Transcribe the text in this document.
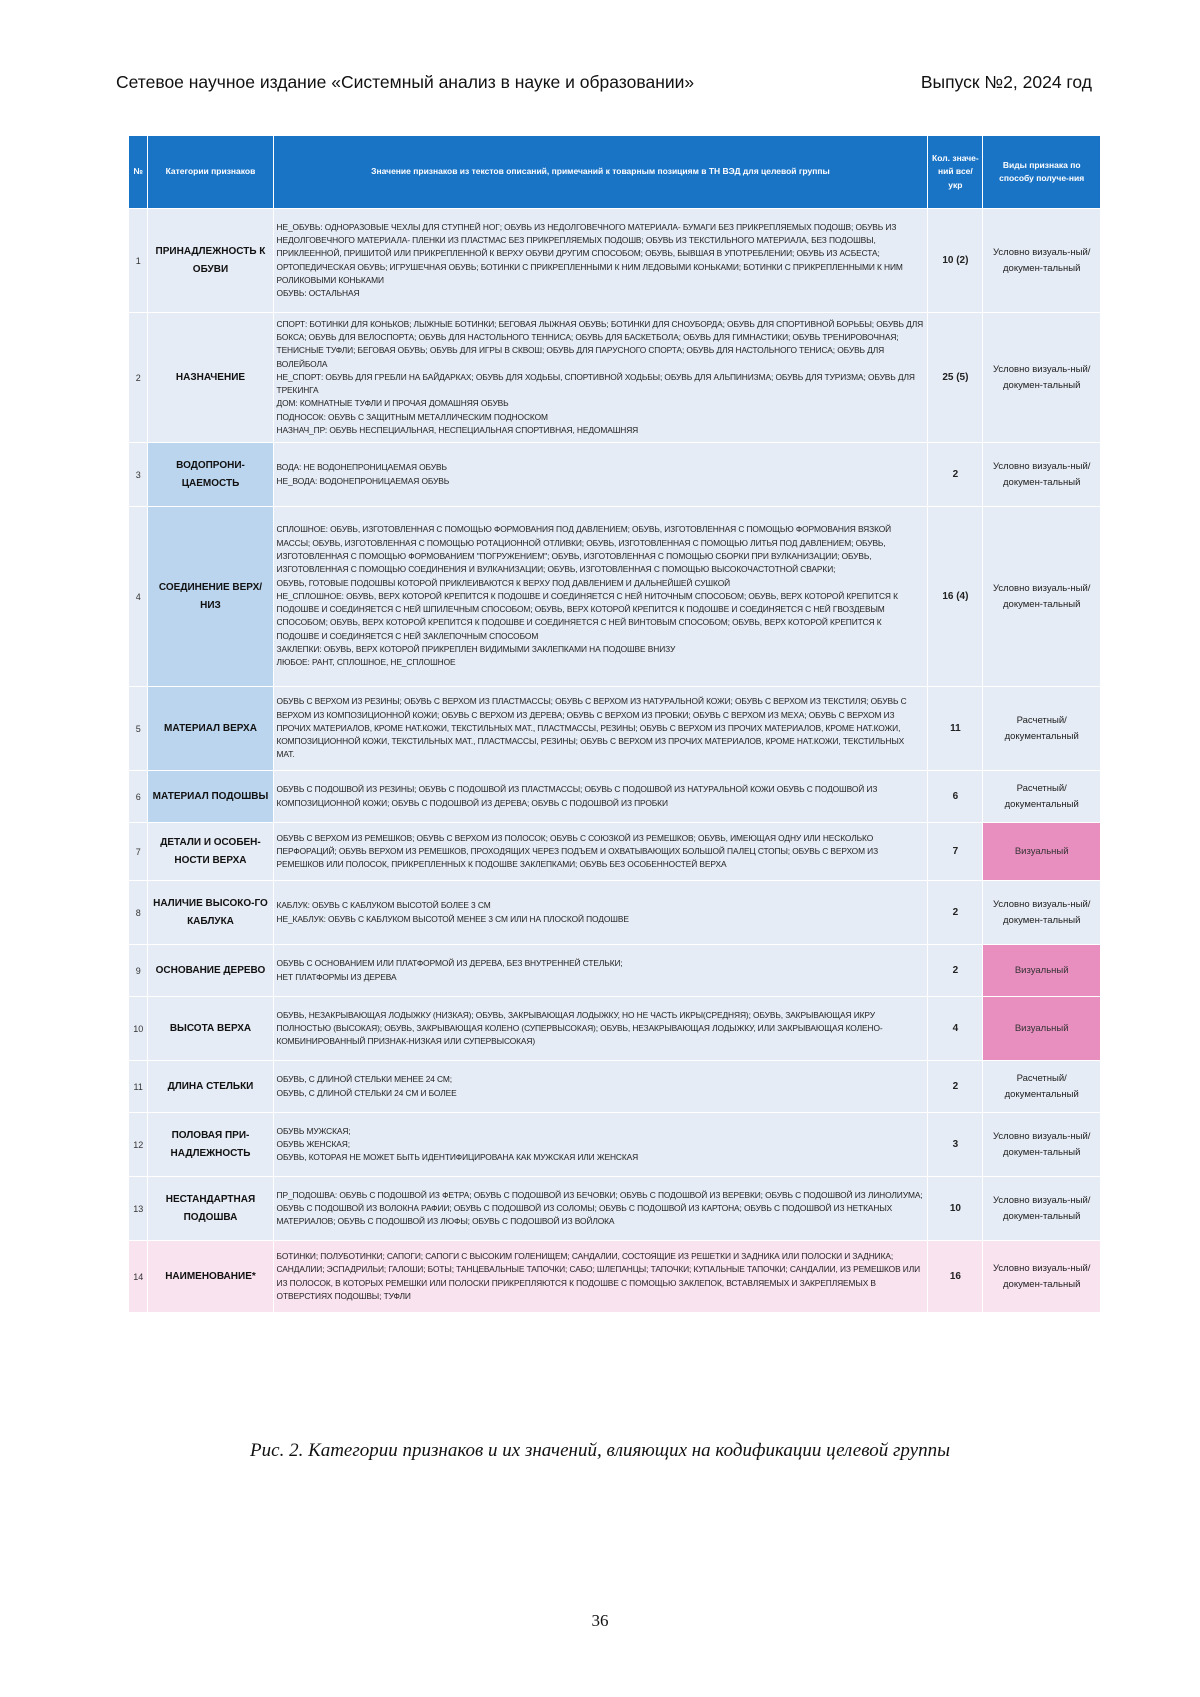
Сетевое научное издание «Системный анализ в науке и образовании»	Выпуск №2, 2024 год
№	Категории признаков	Значение признаков из текстов описаний, примечаний к товарным позициям в ТН ВЭД для целевой группы	Кол. значе-ний все/укр	Виды признака по способу получе-ния
1	ПРИНАДЛЕЖНОСТЬ К ОБУВИ	
НЕ_ОБУВЬ: ОДНОРАЗОВЫЕ ЧЕХЛЫ ДЛЯ СТУПНЕЙ НОГ; ОБУВЬ ИЗ НЕДОЛГОВЕЧНОГО МАТЕРИАЛА- БУМАГИ БЕЗ ПРИКРЕПЛЯЕМЫХ ПОДОШВ; ОБУВЬ ИЗ НЕДОЛГОВЕЧНОГО МАТЕРИАЛА- ПЛЕНКИ ИЗ ПЛАСТМАС БЕЗ ПРИКРЕПЛЯЕМЫХ ПОДОШВ; ОБУВЬ ИЗ ТЕКСТИЛЬНОГО МАТЕРИАЛА, БЕЗ ПОДОШВЫ, ПРИКЛЕЕННОЙ, ПРИШИТОЙ ИЛИ ПРИКРЕПЛЕННОЙ К ВЕРХУ ОБУВИ ДРУГИМ СПОСОБОМ; ОБУВЬ, БЫВШАЯ В УПОТРЕБЛЕНИИ; ОБУВЬ ИЗ АСБЕСТА; ОРТОПЕДИЧЕСКАЯ ОБУВЬ; ИГРУШЕЧНАЯ ОБУВЬ; БОТИНКИ С ПРИКРЕПЛЕННЫМИ К НИМ ЛЕДОВЫМИ КОНЬКАМИ; БОТИНКИ С ПРИКРЕПЛЕННЫМИ К НИМ РОЛИКОВЫМИ КОНЬКАМИ
ОБУВЬ: ОСТАЛЬНАЯ
	10 (2)	Условно визуаль-ный/ докумен-тальный
2	НАЗНАЧЕНИЕ	
СПОРТ: БОТИНКИ ДЛЯ КОНЬКОВ; ЛЫЖНЫЕ БОТИНКИ; БЕГОВАЯ ЛЫЖНАЯ ОБУВЬ; БОТИНКИ ДЛЯ СНОУБОРДА; ОБУВЬ ДЛЯ СПОРТИВНОЙ БОРЬБЫ; ОБУВЬ ДЛЯ БОКСА; ОБУВЬ ДЛЯ ВЕЛОСПОРТА; ОБУВЬ ДЛЯ НАСТОЛЬНОГО ТЕННИСА; ОБУВЬ ДЛЯ БАСКЕТБОЛА; ОБУВЬ ДЛЯ ГИМНАСТИКИ; ОБУВЬ ТРЕНИРОВОЧНАЯ; ТЕНИСНЫЕ ТУФЛИ; БЕГОВАЯ ОБУВЬ; ОБУВЬ ДЛЯ ИГРЫ В СКВОШ; ОБУВЬ ДЛЯ ПАРУСНОГО СПОРТА; ОБУВЬ ДЛЯ НАСТОЛЬНОГО ТЕНИСА; ОБУВЬ ДЛЯ ВОЛЕЙБОЛА
НЕ_СПОРТ: ОБУВЬ ДЛЯ ГРЕБЛИ НА БАЙДАРКАХ; ОБУВЬ ДЛЯ ХОДЬБЫ, СПОРТИВНОЙ ХОДЬБЫ; ОБУВЬ ДЛЯ АЛЬПИНИЗМА; ОБУВЬ ДЛЯ ТУРИЗМА; ОБУВЬ ДЛЯ ТРЕКИНГА
ДОМ: КОМНАТНЫЕ ТУФЛИ И ПРОЧАЯ ДОМАШНЯЯ ОБУВЬ
ПОДНОСОК: ОБУВЬ С ЗАЩИТНЫМ МЕТАЛЛИЧЕСКИМ ПОДНОСКОМ
НАЗНАЧ_ПР: ОБУВЬ НЕСПЕЦИАЛЬНАЯ, НЕСПЕЦИАЛЬНАЯ СПОРТИВНАЯ, НЕДОМАШНЯЯ
	25 (5)	Условно визуаль-ный/ докумен-тальный
3	ВОДОПРОНИ-ЦАЕМОСТЬ	
ВОДА: НЕ ВОДОНЕПРОНИЦАЕМАЯ ОБУВЬ
НЕ_ВОДА: ВОДОНЕПРОНИЦАЕМАЯ ОБУВЬ
	2	Условно визуаль-ный/ докумен-тальный
4	СОЕДИНЕНИЕ ВЕРХ/НИЗ	
СПЛОШНОЕ: ОБУВЬ, ИЗГОТОВЛЕННАЯ С ПОМОЩЬЮ ФОРМОВАНИЯ ПОД ДАВЛЕНИЕМ; ОБУВЬ, ИЗГОТОВЛЕННАЯ С ПОМОЩЬЮ ФОРМОВАНИЯ ВЯЗКОЙ МАССЫ; ОБУВЬ, ИЗГОТОВЛЕННАЯ С ПОМОЩЬЮ РОТАЦИОННОЙ ОТЛИВКИ; ОБУВЬ, ИЗГОТОВЛЕННАЯ С ПОМОЩЬЮ ЛИТЬЯ ПОД ДАВЛЕНИЕМ; ОБУВЬ, ИЗГОТОВЛЕННАЯ С ПОМОЩЬЮ ФОРМОВАНИЕМ "ПОГРУЖЕНИЕМ"; ОБУВЬ, ИЗГОТОВЛЕННАЯ С ПОМОЩЬЮ СБОРКИ ПРИ ВУЛКАНИЗАЦИИ; ОБУВЬ, ИЗГОТОВЛЕННАЯ С ПОМОЩЬЮ СОЕДИНЕНИЯ И ВУЛКАНИЗАЦИИ; ОБУВЬ, ИЗГОТОВЛЕННАЯ С ПОМОЩЬЮ ВЫСОКОЧАСТОТНОЙ СВАРКИ;
ОБУВЬ, ГОТОВЫЕ ПОДОШВЫ КОТОРОЙ ПРИКЛЕИВАЮТСЯ К ВЕРХУ ПОД ДАВЛЕНИЕМ И ДАЛЬНЕЙШЕЙ СУШКОЙ
НЕ_СПЛОШНОЕ: ОБУВЬ, ВЕРХ КОТОРОЙ КРЕПИТСЯ К ПОДОШВЕ И СОЕДИНЯЕТСЯ С НЕЙ НИТОЧНЫМ СПОСОБОМ; ОБУВЬ, ВЕРХ КОТОРОЙ КРЕПИТСЯ К ПОДОШВЕ И СОЕДИНЯЕТСЯ С НЕЙ ШПИЛЕЧНЫМ СПОСОБОМ; ОБУВЬ, ВЕРХ КОТОРОЙ КРЕПИТСЯ К ПОДОШВЕ И СОЕДИНЯЕТСЯ С НЕЙ ГВОЗДЕВЫМ СПОСОБОМ; ОБУВЬ, ВЕРХ КОТОРОЙ КРЕПИТСЯ К ПОДОШВЕ И СОЕДИНЯЕТСЯ С НЕЙ ВИНТОВЫМ СПОСОБОМ; ОБУВЬ, ВЕРХ КОТОРОЙ КРЕПИТСЯ К ПОДОШВЕ И СОЕДИНЯЕТСЯ С НЕЙ ЗАКЛЕПОЧНЫМ СПОСОБОМ
ЗАКЛЕПКИ: ОБУВЬ, ВЕРХ КОТОРОЙ ПРИКРЕПЛЕН ВИДИМЫМИ ЗАКЛЕПКАМИ НА ПОДОШВЕ ВНИЗУ
ЛЮБОЕ: РАНТ, СПЛОШНОЕ, НЕ_СПЛОШНОЕ
	16 (4)	Условно визуаль-ный/ докумен-тальный
5	МАТЕРИАЛ ВЕРХА	
ОБУВЬ С ВЕРХОМ ИЗ РЕЗИНЫ; ОБУВЬ С ВЕРХОМ ИЗ ПЛАСТМАССЫ; ОБУВЬ С ВЕРХОМ ИЗ НАТУРАЛЬНОЙ КОЖИ; ОБУВЬ С ВЕРХОМ ИЗ ТЕКСТИЛЯ; ОБУВЬ С ВЕРХОМ ИЗ КОМПОЗИЦИОННОЙ КОЖИ; ОБУВЬ С ВЕРХОМ ИЗ ДЕРЕВА; ОБУВЬ С ВЕРХОМ ИЗ ПРОБКИ; ОБУВЬ С ВЕРХОМ ИЗ МЕХА; ОБУВЬ С ВЕРХОМ ИЗ ПРОЧИХ МАТЕРИАЛОВ, КРОМЕ НАТ.КОЖИ, ТЕКСТИЛЬНЫХ МАТ., ПЛАСТМАССЫ, РЕЗИНЫ; ОБУВЬ С ВЕРХОМ ИЗ ПРОЧИХ МАТЕРИАЛОВ, КРОМЕ НАТ.КОЖИ, КОМПОЗИЦИОННОЙ КОЖИ, ТЕКСТИЛЬНЫХ МАТ., ПЛАСТМАССЫ, РЕЗИНЫ; ОБУВЬ С ВЕРХОМ ИЗ ПРОЧИХ МАТЕРИАЛОВ, КРОМЕ НАТ.КОЖИ, ТЕКСТИЛЬНЫХ МАТ.
	11	Расчетный/ документальный
6	МАТЕРИАЛ ПОДОШВЫ	
ОБУВЬ С ПОДОШВОЙ ИЗ РЕЗИНЫ; ОБУВЬ С ПОДОШВОЙ ИЗ ПЛАСТМАССЫ; ОБУВЬ С ПОДОШВОЙ ИЗ НАТУРАЛЬНОЙ КОЖИ ОБУВЬ С ПОДОШВОЙ ИЗ КОМПОЗИЦИОННОЙ КОЖИ; ОБУВЬ С ПОДОШВОЙ ИЗ ДЕРЕВА; ОБУВЬ С ПОДОШВОЙ ИЗ ПРОБКИ
	6	Расчетный/ документальный
7	ДЕТАЛИ И ОСОБЕН-НОСТИ ВЕРХА	
ОБУВЬ С ВЕРХОМ ИЗ РЕМЕШКОВ; ОБУВЬ С ВЕРХОМ ИЗ ПОЛОСОК; ОБУВЬ С СОЮЗКОЙ ИЗ РЕМЕШКОВ; ОБУВЬ, ИМЕЮЩАЯ ОДНУ ИЛИ НЕСКОЛЬКО ПЕРФОРАЦИЙ; ОБУВЬ ВЕРХОМ ИЗ РЕМЕШКОВ, ПРОХОДЯЩИХ ЧЕРЕЗ ПОДЪЕМ И ОХВАТЫВАЮЩИХ БОЛЬШОЙ ПАЛЕЦ СТОПЫ; ОБУВЬ С ВЕРХОМ ИЗ РЕМЕШКОВ ИЛИ ПОЛОСОК, ПРИКРЕПЛЕННЫХ К ПОДОШВЕ ЗАКЛЕПКАМИ; ОБУВЬ БЕЗ ОСОБЕННОСТЕЙ ВЕРХА
	7	Визуальный
8	НАЛИЧИЕ ВЫСОКО-ГО КАБЛУКА	
КАБЛУК: ОБУВЬ С КАБЛУКОМ ВЫСОТОЙ БОЛЕЕ 3 СМ
НЕ_КАБЛУК: ОБУВЬ С КАБЛУКОМ ВЫСОТОЙ МЕНЕЕ 3 СМ ИЛИ НА ПЛОСКОЙ ПОДОШВЕ
	2	Условно визуаль-ный/ докумен-тальный
9	ОСНОВАНИЕ ДЕРЕВО	
ОБУВЬ С ОСНОВАНИЕМ ИЛИ ПЛАТФОРМОЙ ИЗ ДЕРЕВА, БЕЗ ВНУТРЕННЕЙ СТЕЛЬКИ;
НЕТ ПЛАТФОРМЫ ИЗ ДЕРЕВА
	2	Визуальный
10	ВЫСОТА ВЕРХА	
ОБУВЬ, НЕЗАКРЫВАЮЩАЯ ЛОДЫЖКУ (НИЗКАЯ); ОБУВЬ, ЗАКРЫВАЮЩАЯ ЛОДЫЖКУ, НО НЕ ЧАСТЬ ИКРЫ(СРЕДНЯЯ); ОБУВЬ, ЗАКРЫВАЮЩАЯ ИКРУ ПОЛНОСТЬЮ (ВЫСОКАЯ); ОБУВЬ, ЗАКРЫВАЮЩАЯ КОЛЕНО (СУПЕРВЫСОКАЯ); ОБУВЬ, НЕЗАКРЫВАЮЩАЯ ЛОДЫЖКУ, ИЛИ ЗАКРЫВАЮЩАЯ КОЛЕНО-КОМБИНИРОВАННЫЙ ПРИЗНАК-НИЗКАЯ ИЛИ СУПЕРВЫСОКАЯ)
	4	Визуальный
11	ДЛИНА СТЕЛЬКИ	
ОБУВЬ, С ДЛИНОЙ СТЕЛЬКИ МЕНЕЕ 24 СМ;
ОБУВЬ, С ДЛИНОЙ СТЕЛЬКИ 24 СМ И БОЛЕЕ
	2	Расчетный/ документальный
12	ПОЛОВАЯ ПРИ-НАДЛЕЖНОСТЬ	
ОБУВЬ МУЖСКАЯ;
ОБУВЬ ЖЕНСКАЯ;
ОБУВЬ, КОТОРАЯ НЕ МОЖЕТ БЫТЬ ИДЕНТИФИЦИРОВАНА КАК МУЖСКАЯ ИЛИ ЖЕНСКАЯ
	3	Условно визуаль-ный/ докумен-тальный
13	НЕСТАНДАРТНАЯ ПОДОШВА	
ПР_ПОДОШВА: ОБУВЬ С ПОДОШВОЙ ИЗ ФЕТРА; ОБУВЬ С ПОДОШВОЙ ИЗ БЕЧОВКИ; ОБУВЬ С ПОДОШВОЙ ИЗ ВЕРЕВКИ; ОБУВЬ С ПОДОШВОЙ ИЗ ЛИНОЛИУМА; ОБУВЬ С ПОДОШВОЙ ИЗ ВОЛОКНА РАФИИ; ОБУВЬ С ПОДОШВОЙ ИЗ СОЛОМЫ; ОБУВЬ С ПОДОШВОЙ ИЗ КАРТОНА; ОБУВЬ С ПОДОШВОЙ ИЗ НЕТКАНЫХ МАТЕРИАЛОВ; ОБУВЬ С ПОДОШВОЙ ИЗ ЛЮФЫ; ОБУВЬ С ПОДОШВОЙ ИЗ ВОЙЛОКА
	10	Условно визуаль-ный/ докумен-тальный
14	НАИМЕНОВАНИЕ*	
БОТИНКИ; ПОЛУБОТИНКИ; САПОГИ; САПОГИ С ВЫСОКИМ ГОЛЕНИЩЕМ; САНДАЛИИ, СОСТОЯЩИЕ ИЗ РЕШЕТКИ И ЗАДНИКА ИЛИ ПОЛОСКИ И ЗАДНИКА; САНДАЛИИ; ЭСПАДРИЛЬИ; ГАЛОШИ; БОТЫ; ТАНЦЕВАЛЬНЫЕ ТАПОЧКИ; САБО; ШЛЕПАНЦЫ; ТАПОЧКИ; КУПАЛЬНЫЕ ТАПОЧКИ; САНДАЛИИ, ИЗ РЕМЕШКОВ ИЛИ ИЗ ПОЛОСОК, В КОТОРЫХ РЕМЕШКИ ИЛИ ПОЛОСКИ ПРИКРЕПЛЯЮТСЯ К ПОДОШВЕ С ПОМОЩЬЮ ЗАКЛЕПОК, ВСТАВЛЯЕМЫХ И ЗАКРЕПЛЯЕМЫХ В ОТВЕРСТИЯХ ПОДОШВЫ; ТУФЛИ
	16	Условно визуаль-ный/ докумен-тальный
Рис. 2. Категории признаков и их значений, влияющих на кодификации целевой группы
36
